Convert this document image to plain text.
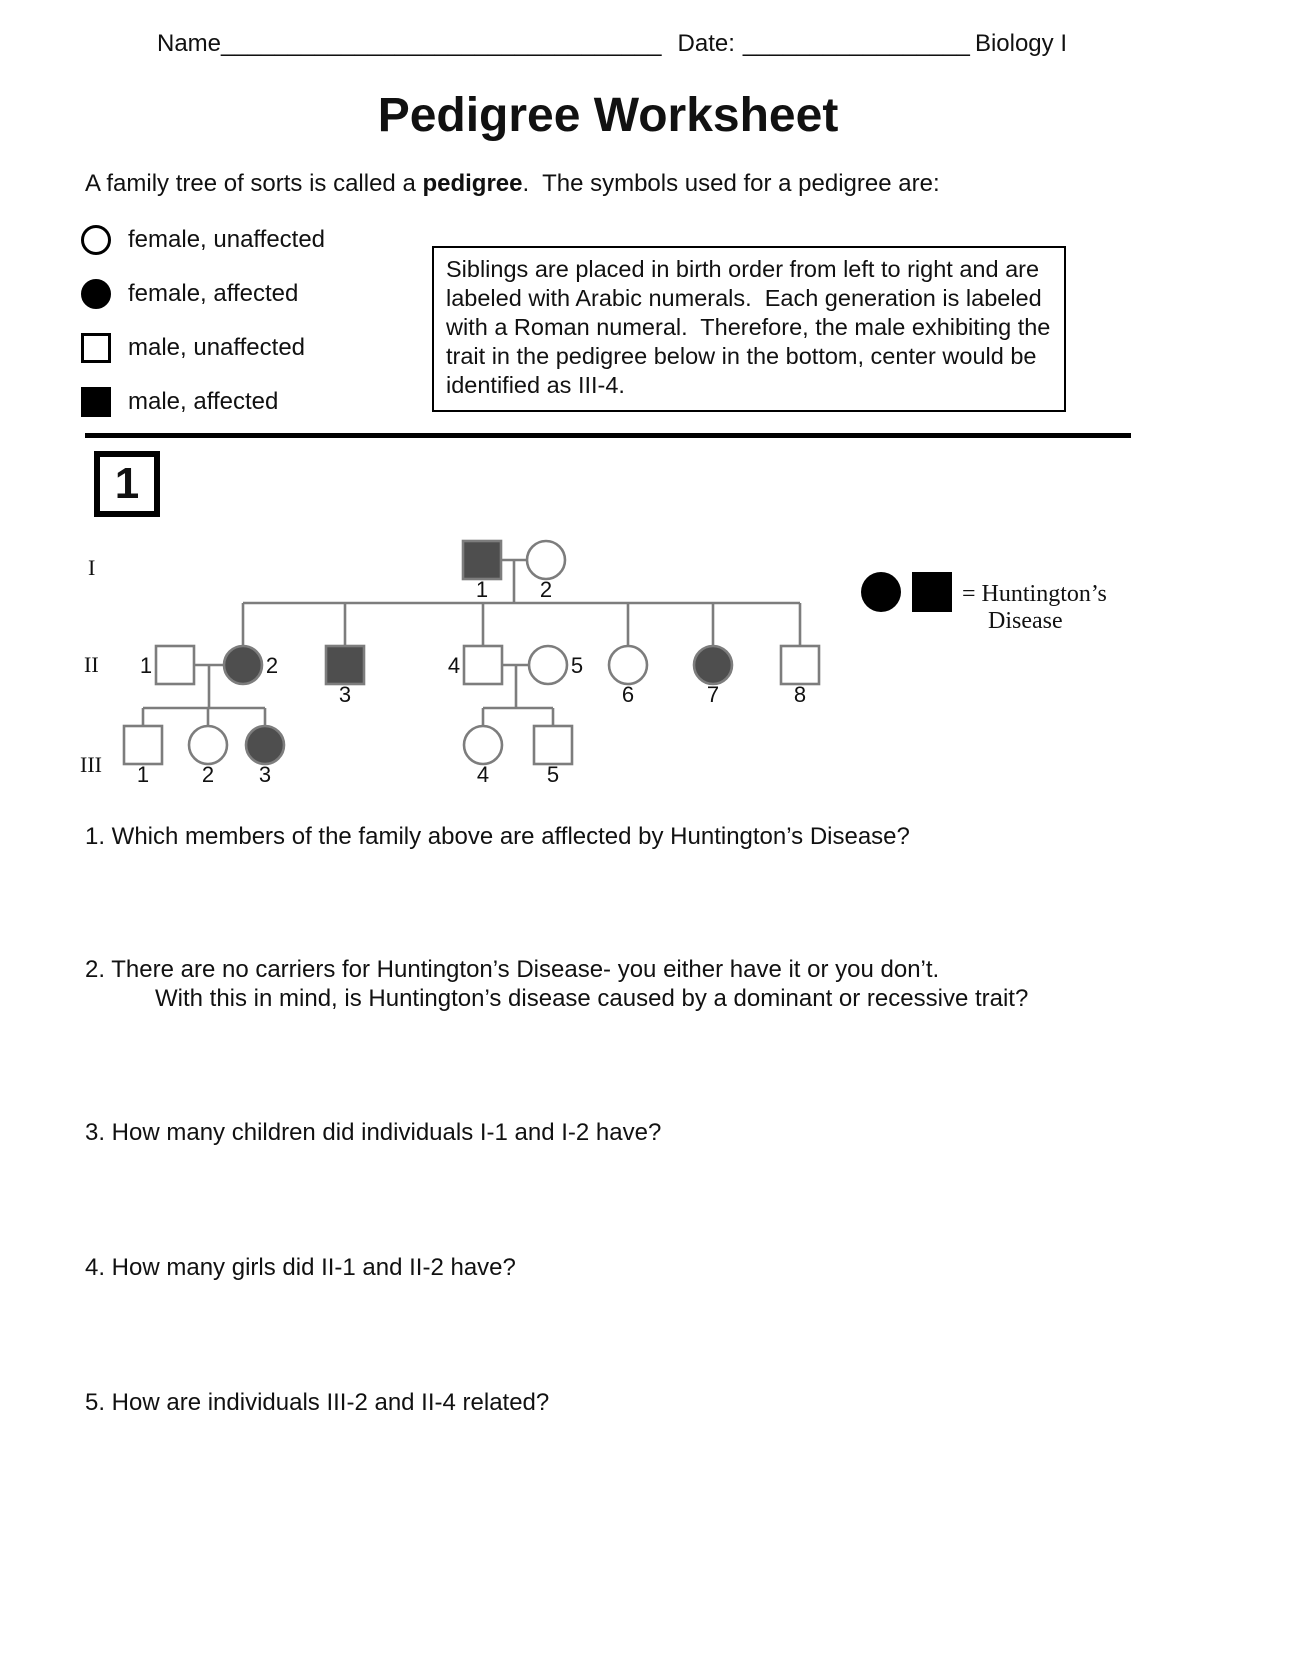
Name _________________________________ Date: _________________ Biology I
Pedigree Worksheet

A family tree of sorts is called a pedigree.  The symbols used for a pedigree are:

female, unaffected
female, affected
male, unaffected
male, affected
Siblings are placed in birth order from left to right and are labeled with Arabic numerals.  Each generation is labeled with a Roman numeral.  Therefore, the male exhibiting the trait in the pedigree below in the bottom, center would be identified as III-4.
1
1 2
1	2
3
4	5
6	7	8
1 2 3	4	5
I
II
III
= Huntington’s
Disease
1. Which members of the family above are afflected by Huntington’s Disease?
2. There are no carriers for Huntington’s Disease- you either have it or you don’t.
With this in mind, is Huntington’s disease caused by a dominant or recessive trait?
3. How many children did individuals I-1 and I-2 have?
4. How many girls did II-1 and II-2 have?
5. How are individuals III-2 and II-4 related?
